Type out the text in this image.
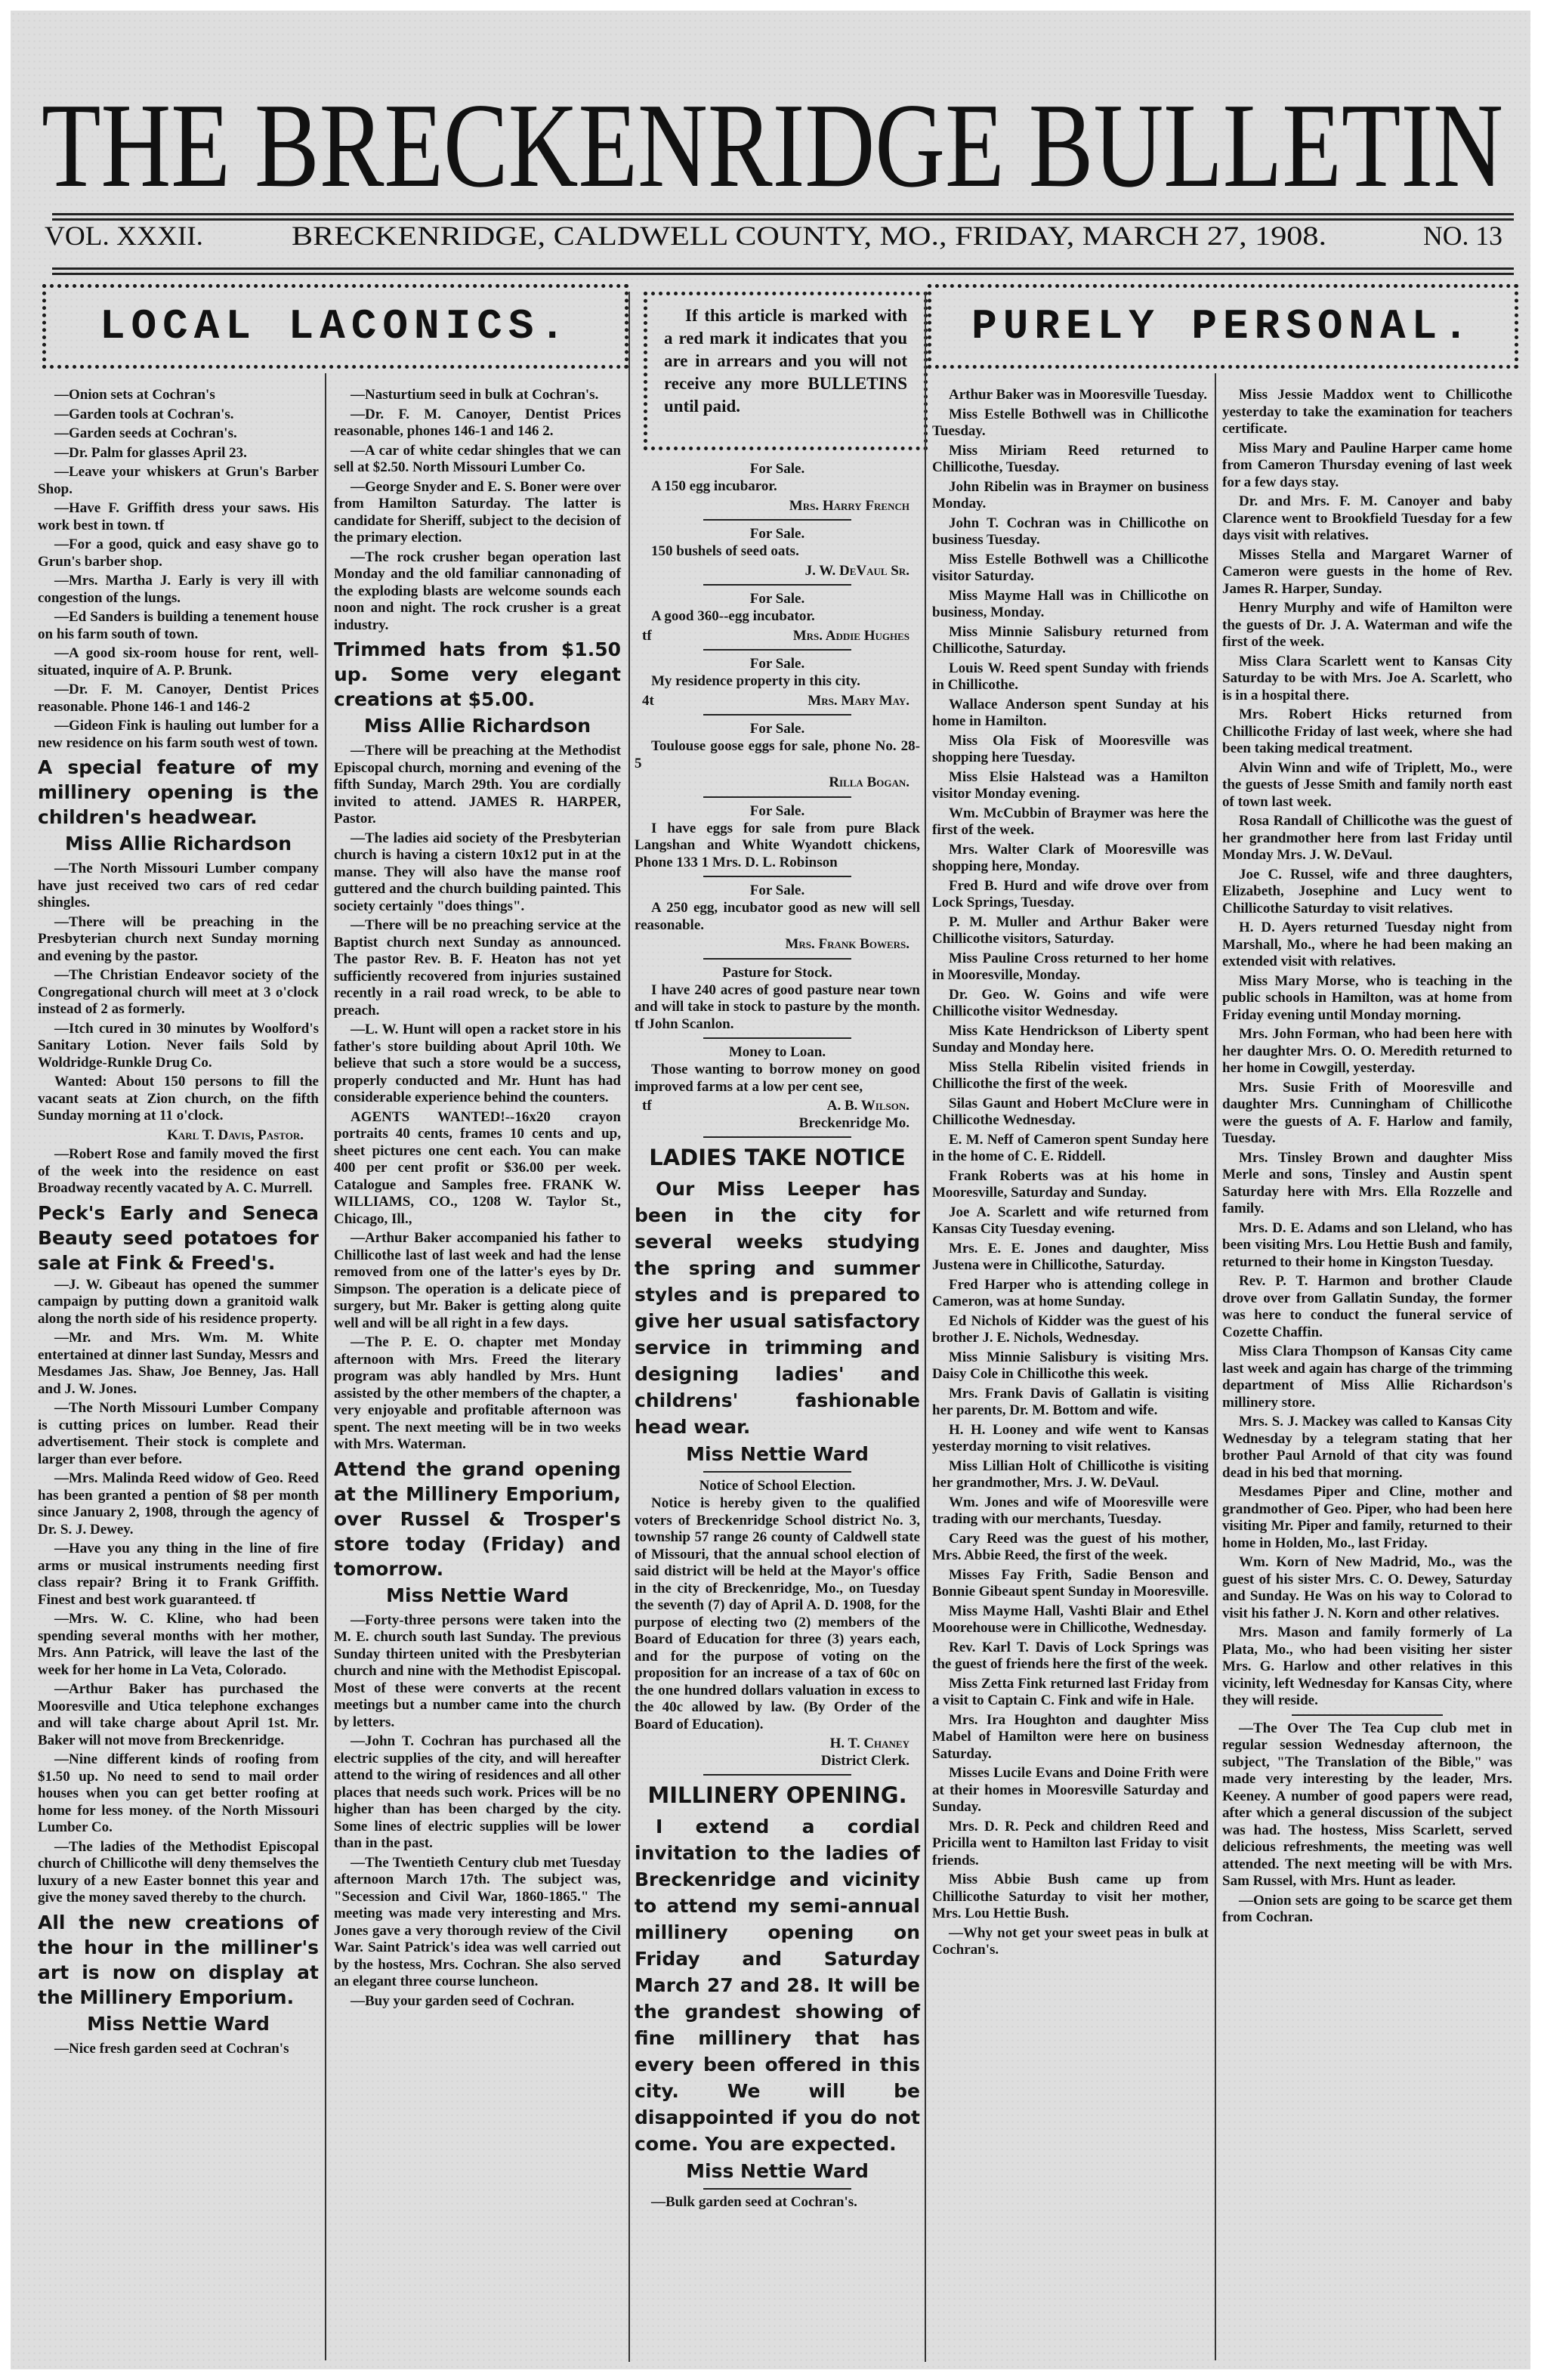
THE BRECKENRIDGE BULLETIN
VOL. XXXII.	BRECKENRIDGE, CALDWELL COUNTY, MO., FRIDAY, MARCH 27, 1908.	NO. 13
LOCAL LACONICS.	If this article is marked with a red mark it indicates that you are in arrears and you will not receive any more BULLETINS until paid.
PURELY PERSONAL.

—Onion sets at Cochran's

—Garden tools at Cochran's.

—Garden seeds at Cochran's.

—Dr. Palm for glasses April 23.

—Leave your whiskers at Grun's Barber Shop.

—Have F. Griffith dress your saws. His work best in town. tf

—For a good, quick and easy shave go to Grun's barber shop.

—Mrs. Martha J. Early is very ill with congestion of the lungs.

—Ed Sanders is building a tenement house on his farm south of town.

—A good six-room house for rent, well-situated, inquire of A. P. Brunk.

—Dr. F. M. Canoyer, Dentist Prices reasonable. Phone 146-1 and 146-2

—Gideon Fink is hauling out lumber for a new residence on his farm south west of town.

A special feature of my millinery opening is the children's headwear.
Miss Allie Richardson

—The North Missouri Lumber company have just received two cars of red cedar shingles.

—There will be preaching in the Presbyterian church next Sunday morning and evening by the pastor.

—The Christian Endeavor society of the Congregational church will meet at 3 o'clock instead of 2 as formerly.

—Itch cured in 30 minutes by Woolford's Sanitary Lotion. Never fails Sold by Woldridge-Runkle Drug Co.

Wanted: About 150 persons to fill the vacant seats at Zion church, on the fifth Sunday morning at 11 o'clock.

Karl T. Davis, Pastor.

—Robert Rose and family moved the first of the week into the residence on east Broadway recently vacated by A. C. Murrell.

Peck's Early and Seneca Beauty seed potatoes for sale at Fink & Freed's.

—J. W. Gibeaut has opened the summer campaign by putting down a granitoid walk along the north side of his residence property.

—Mr. and Mrs. Wm. M. White entertained at dinner last Sunday, Messrs and Mesdames Jas. Shaw, Joe Benney, Jas. Hall and J. W. Jones.

—The North Missouri Lumber Company is cutting prices on lumber. Read their advertisement. Their stock is complete and larger than ever before.

—Mrs. Malinda Reed widow of Geo. Reed has been granted a pention of $8 per month since January 2, 1908, through the agency of Dr. S. J. Dewey.

—Have you any thing in the line of fire arms or musical instruments needing first class repair? Bring it to Frank Griffith. Finest and best work guaranteed. tf

—Mrs. W. C. Kline, who had been spending several months with her mother, Mrs. Ann Patrick, will leave the last of the week for her home in La Veta, Colorado.

—Arthur Baker has purchased the Mooresville and Utica telephone exchanges and will take charge about April 1st. Mr. Baker will not move from Breckenridge.

—Nine different kinds of roofing from $1.50 up. No need to send to mail order houses when you can get better roofing at home for less money. of the North Missouri Lumber Co.

—The ladies of the Methodist Episcopal church of Chillicothe will deny themselves the luxury of a new Easter bonnet this year and give the money saved thereby to the church.

All the new creations of the hour in the milliner's art is now on display at the Millinery Emporium.
Miss Nettie Ward

—Nice fresh garden seed at Cochran's

—Nasturtium seed in bulk at Cochran's.

—Dr. F. M. Canoyer, Dentist Prices reasonable, phones 146-1 and 146 2.

—A car of white cedar shingles that we can sell at $2.50. North Missouri Lumber Co.

—George Snyder and E. S. Boner were over from Hamilton Saturday. The latter is candidate for Sheriff, subject to the decision of the primary election.

—The rock crusher began operation last Monday and the old familiar cannonading of the exploding blasts are welcome sounds each noon and night. The rock crusher is a great industry.

Trimmed hats from $1.50 up. Some very elegant creations at $5.00.
Miss Allie Richardson

—There will be preaching at the Methodist Episcopal church, morning and evening of the fifth Sunday, March 29th. You are cordially invited to attend. JAMES R. HARPER, Pastor.

—The ladies aid society of the Presbyterian church is having a cistern 10x12 put in at the manse. They will also have the manse roof guttered and the church building painted. This society certainly "does things".

—There will be no preaching service at the Baptist church next Sunday as announced. The pastor Rev. B. F. Heaton has not yet sufficiently recovered from injuries sustained recently in a rail road wreck, to be able to preach.

—L. W. Hunt will open a racket store in his father's store building about April 10th. We believe that such a store would be a success, properly conducted and Mr. Hunt has had considerable experience behind the counters.

AGENTS WANTED!--16x20 crayon portraits 40 cents, frames 10 cents and up, sheet pictures one cent each. You can make 400 per cent profit or $36.00 per week. Catalogue and Samples free. FRANK W. WILLIAMS, CO., 1208 W. Taylor St., Chicago, Ill.,

—Arthur Baker accompanied his father to Chillicothe last of last week and had the lense removed from one of the latter's eyes by Dr. Simpson. The operation is a delicate piece of surgery, but Mr. Baker is getting along quite well and will be all right in a few days.

—The P. E. O. chapter met Monday afternoon with Mrs. Freed the literary program was ably handled by Mrs. Hunt assisted by the other members of the chapter, a very enjoyable and profitable afternoon was spent. The next meeting will be in two weeks with Mrs. Waterman.

Attend the grand opening at the Millinery Emporium, over Russel & Trosper's store today (Friday) and tomorrow.
Miss Nettie Ward

—Forty-three persons were taken into the M. E. church south last Sunday. The previous Sunday thirteen united with the Presbyterian church and nine with the Methodist Episcopal. Most of these were converts at the recent meetings but a number came into the church by letters.

—John T. Cochran has purchased all the electric supplies of the city, and will hereafter attend to the wiring of residences and all other places that needs such work. Prices will be no higher than has been charged by the city. Some lines of electric supplies will be lower than in the past.

—The Twentieth Century club met Tuesday afternoon March 17th. The subject was, "Secession and Civil War, 1860-1865." The meeting was made very interesting and Mrs. Jones gave a very thorough review of the Civil War. Saint Patrick's idea was well carried out by the hostess, Mrs. Cochran. She also served an elegant three course luncheon.

—Buy your garden seed of Cochran.

For Sale.

A 150 egg incubaror.

Mrs. Harry French
For Sale.

150 bushels of seed oats.

J. W. DeVaul Sr.
For Sale.

A good 360--egg incubator.

tf	Mrs. Addie Hughes
For Sale.

My residence property in this city.

4t	Mrs. Mary May.
For Sale.

Toulouse goose eggs for sale, phone No. 28-5

Rilla Bogan.
For Sale.

I have eggs for sale from pure Black Langshan and White Wyandott chickens, Phone 133 1 Mrs. D. L. Robinson

For Sale.

A 250 egg, incubator good as new will sell reasonable.

Mrs. Frank Bowers.
Pasture for Stock.

I have 240 acres of good pasture near town and will take in stock to pasture by the month. tf John Scanlon.

Money to Loan.

Those wanting to borrow money on good improved farms at a low per cent see,

tf	A. B. Wilson.
Breckenridge Mo.
LADIES TAKE NOTICE
Our Miss Leeper has been in the city for several weeks studying the spring and summer styles and is prepared to give her usual satisfactory service in trimming and designing ladies' and childrens' fashionable head wear.
Miss Nettie Ward
Notice of School Election.

Notice is hereby given to the qualified voters of Breckenridge School district No. 3, township 57 range 26 county of Caldwell state of Missouri, that the annual school election of said district will be held at the Mayor's office in the city of Breckenridge, Mo., on Tuesday the seventh (7) day of April A. D. 1908, for the purpose of electing two (2) members of the Board of Education for three (3) years each, and for the purpose of voting on the proposition for an increase of a tax of 60c on the one hundred dollars valuation in excess to the 40c allowed by law. (By Order of the Board of Education).

H. T. Chaney
District Clerk.
MILLINERY OPENING.
I extend a cordial invitation to the ladies of Breckenridge and vicinity to attend my semi-annual millinery opening on Friday and Saturday March 27 and 28. It will be the grandest showing of fine millinery that has every been offered in this city. We will be disappointed if you do not come. You are expected.
Miss Nettie Ward

—Bulk garden seed at Cochran's.

Arthur Baker was in Mooresville Tuesday.

Miss Estelle Bothwell was in Chillicothe Tuesday.

Miss Miriam Reed returned to Chillicothe, Tuesday.

John Ribelin was in Braymer on business Monday.

John T. Cochran was in Chillicothe on business Tuesday.

Miss Estelle Bothwell was a Chillicothe visitor Saturday.

Miss Mayme Hall was in Chillicothe on business, Monday.

Miss Minnie Salisbury returned from Chillicothe, Saturday.

Louis W. Reed spent Sunday with friends in Chillicothe.

Wallace Anderson spent Sunday at his home in Hamilton.

Miss Ola Fisk of Mooresville was shopping here Tuesday.

Miss Elsie Halstead was a Hamilton visitor Monday evening.

Wm. McCubbin of Braymer was here the first of the week.

Mrs. Walter Clark of Mooresville was shopping here, Monday.

Fred B. Hurd and wife drove over from Lock Springs, Tuesday.

P. M. Muller and Arthur Baker were Chillicothe visitors, Saturday.

Miss Pauline Cross returned to her home in Mooresville, Monday.

Dr. Geo. W. Goins and wife were Chillicothe visitor Wednesday.

Miss Kate Hendrickson of Liberty spent Sunday and Monday here.

Miss Stella Ribelin visited friends in Chillicothe the first of the week.

Silas Gaunt and Hobert McClure were in Chillicothe Wednesday.

E. M. Neff of Cameron spent Sunday here in the home of C. E. Riddell.

Frank Roberts was at his home in Mooresville, Saturday and Sunday.

Joe A. Scarlett and wife returned from Kansas City Tuesday evening.

Mrs. E. E. Jones and daughter, Miss Justena were in Chillicothe, Saturday.

Fred Harper who is attending college in Cameron, was at home Sunday.

Ed Nichols of Kidder was the guest of his brother J. E. Nichols, Wednesday.

Miss Minnie Salisbury is visiting Mrs. Daisy Cole in Chillicothe this week.

Mrs. Frank Davis of Gallatin is visiting her parents, Dr. M. Bottom and wife.

H. H. Looney and wife went to Kansas yesterday morning to visit relatives.

Miss Lillian Holt of Chillicothe is visiting her grandmother, Mrs. J. W. DeVaul.

Wm. Jones and wife of Mooresville were trading with our merchants, Tuesday.

Cary Reed was the guest of his mother, Mrs. Abbie Reed, the first of the week.

Misses Fay Frith, Sadie Benson and Bonnie Gibeaut spent Sunday in Mooresville.

Miss Mayme Hall, Vashti Blair and Ethel Moorehouse were in Chillicothe, Wednesday.

Rev. Karl T. Davis of Lock Springs was the guest of friends here the first of the week.

Miss Zetta Fink returned last Friday from a visit to Captain C. Fink and wife in Hale.

Mrs. Ira Houghton and daughter Miss Mabel of Hamilton were here on business Saturday.

Misses Lucile Evans and Doine Frith were at their homes in Mooresville Saturday and Sunday.

Mrs. D. R. Peck and children Reed and Pricilla went to Hamilton last Friday to visit friends.

Miss Abbie Bush came up from Chillicothe Saturday to visit her mother, Mrs. Lou Hettie Bush.

—Why not get your sweet peas in bulk at Cochran's.

Miss Jessie Maddox went to Chillicothe yesterday to take the examination for teachers certificate.

Miss Mary and Pauline Harper came home from Cameron Thursday evening of last week for a few days stay.

Dr. and Mrs. F. M. Canoyer and baby Clarence went to Brookfield Tuesday for a few days visit with relatives.

Misses Stella and Margaret Warner of Cameron were guests in the home of Rev. James R. Harper, Sunday.

Henry Murphy and wife of Hamilton were the guests of Dr. J. A. Waterman and wife the first of the week.

Miss Clara Scarlett went to Kansas City Saturday to be with Mrs. Joe A. Scarlett, who is in a hospital there.

Mrs. Robert Hicks returned from Chillicothe Friday of last week, where she had been taking medical treatment.

Alvin Winn and wife of Triplett, Mo., were the guests of Jesse Smith and family north east of town last week.

Rosa Randall of Chillicothe was the guest of her grandmother here from last Friday until Monday Mrs. J. W. DeVaul.

Joe C. Russel, wife and three daughters, Elizabeth, Josephine and Lucy went to Chillicothe Saturday to visit relatives.

H. D. Ayers returned Tuesday night from Marshall, Mo., where he had been making an extended visit with relatives.

Miss Mary Morse, who is teaching in the public schools in Hamilton, was at home from Friday evening until Monday morning.

Mrs. John Forman, who had been here with her daughter Mrs. O. O. Meredith returned to her home in Cowgill, yesterday.

Mrs. Susie Frith of Mooresville and daughter Mrs. Cunningham of Chillicothe were the guests of A. F. Harlow and family, Tuesday.

Mrs. Tinsley Brown and daughter Miss Merle and sons, Tinsley and Austin spent Saturday here with Mrs. Ella Rozzelle and family.

Mrs. D. E. Adams and son Lleland, who has been visiting Mrs. Lou Hettie Bush and family, returned to their home in Kingston Tuesday.

Rev. P. T. Harmon and brother Claude drove over from Gallatin Sunday, the former was here to conduct the funeral service of Cozette Chaffin.

Miss Clara Thompson of Kansas City came last week and again has charge of the trimming department of Miss Allie Richardson's millinery store.

Mrs. S. J. Mackey was called to Kansas City Wednesday by a telegram stating that her brother Paul Arnold of that city was found dead in his bed that morning.

Mesdames Piper and Cline, mother and grandmother of Geo. Piper, who had been here visiting Mr. Piper and family, returned to their home in Holden, Mo., last Friday.

Wm. Korn of New Madrid, Mo., was the guest of his sister Mrs. C. O. Dewey, Saturday and Sunday. He Was on his way to Colorad to visit his father J. N. Korn and other relatives.

Mrs. Mason and family formerly of La Plata, Mo., who had been visiting her sister Mrs. G. Harlow and other relatives in this vicinity, left Wednesday for Kansas City, where they will reside.

—The Over The Tea Cup club met in regular session Wednesday afternoon, the subject, "The Translation of the Bible," was made very interesting by the leader, Mrs. Keeney. A number of good papers were read, after which a general discussion of the subject was had. The hostess, Miss Scarlett, served delicious refreshments, the meeting was well attended. The next meeting will be with Mrs. Sam Russel, with Mrs. Hunt as leader.

—Onion sets are going to be scarce get them from Cochran.
